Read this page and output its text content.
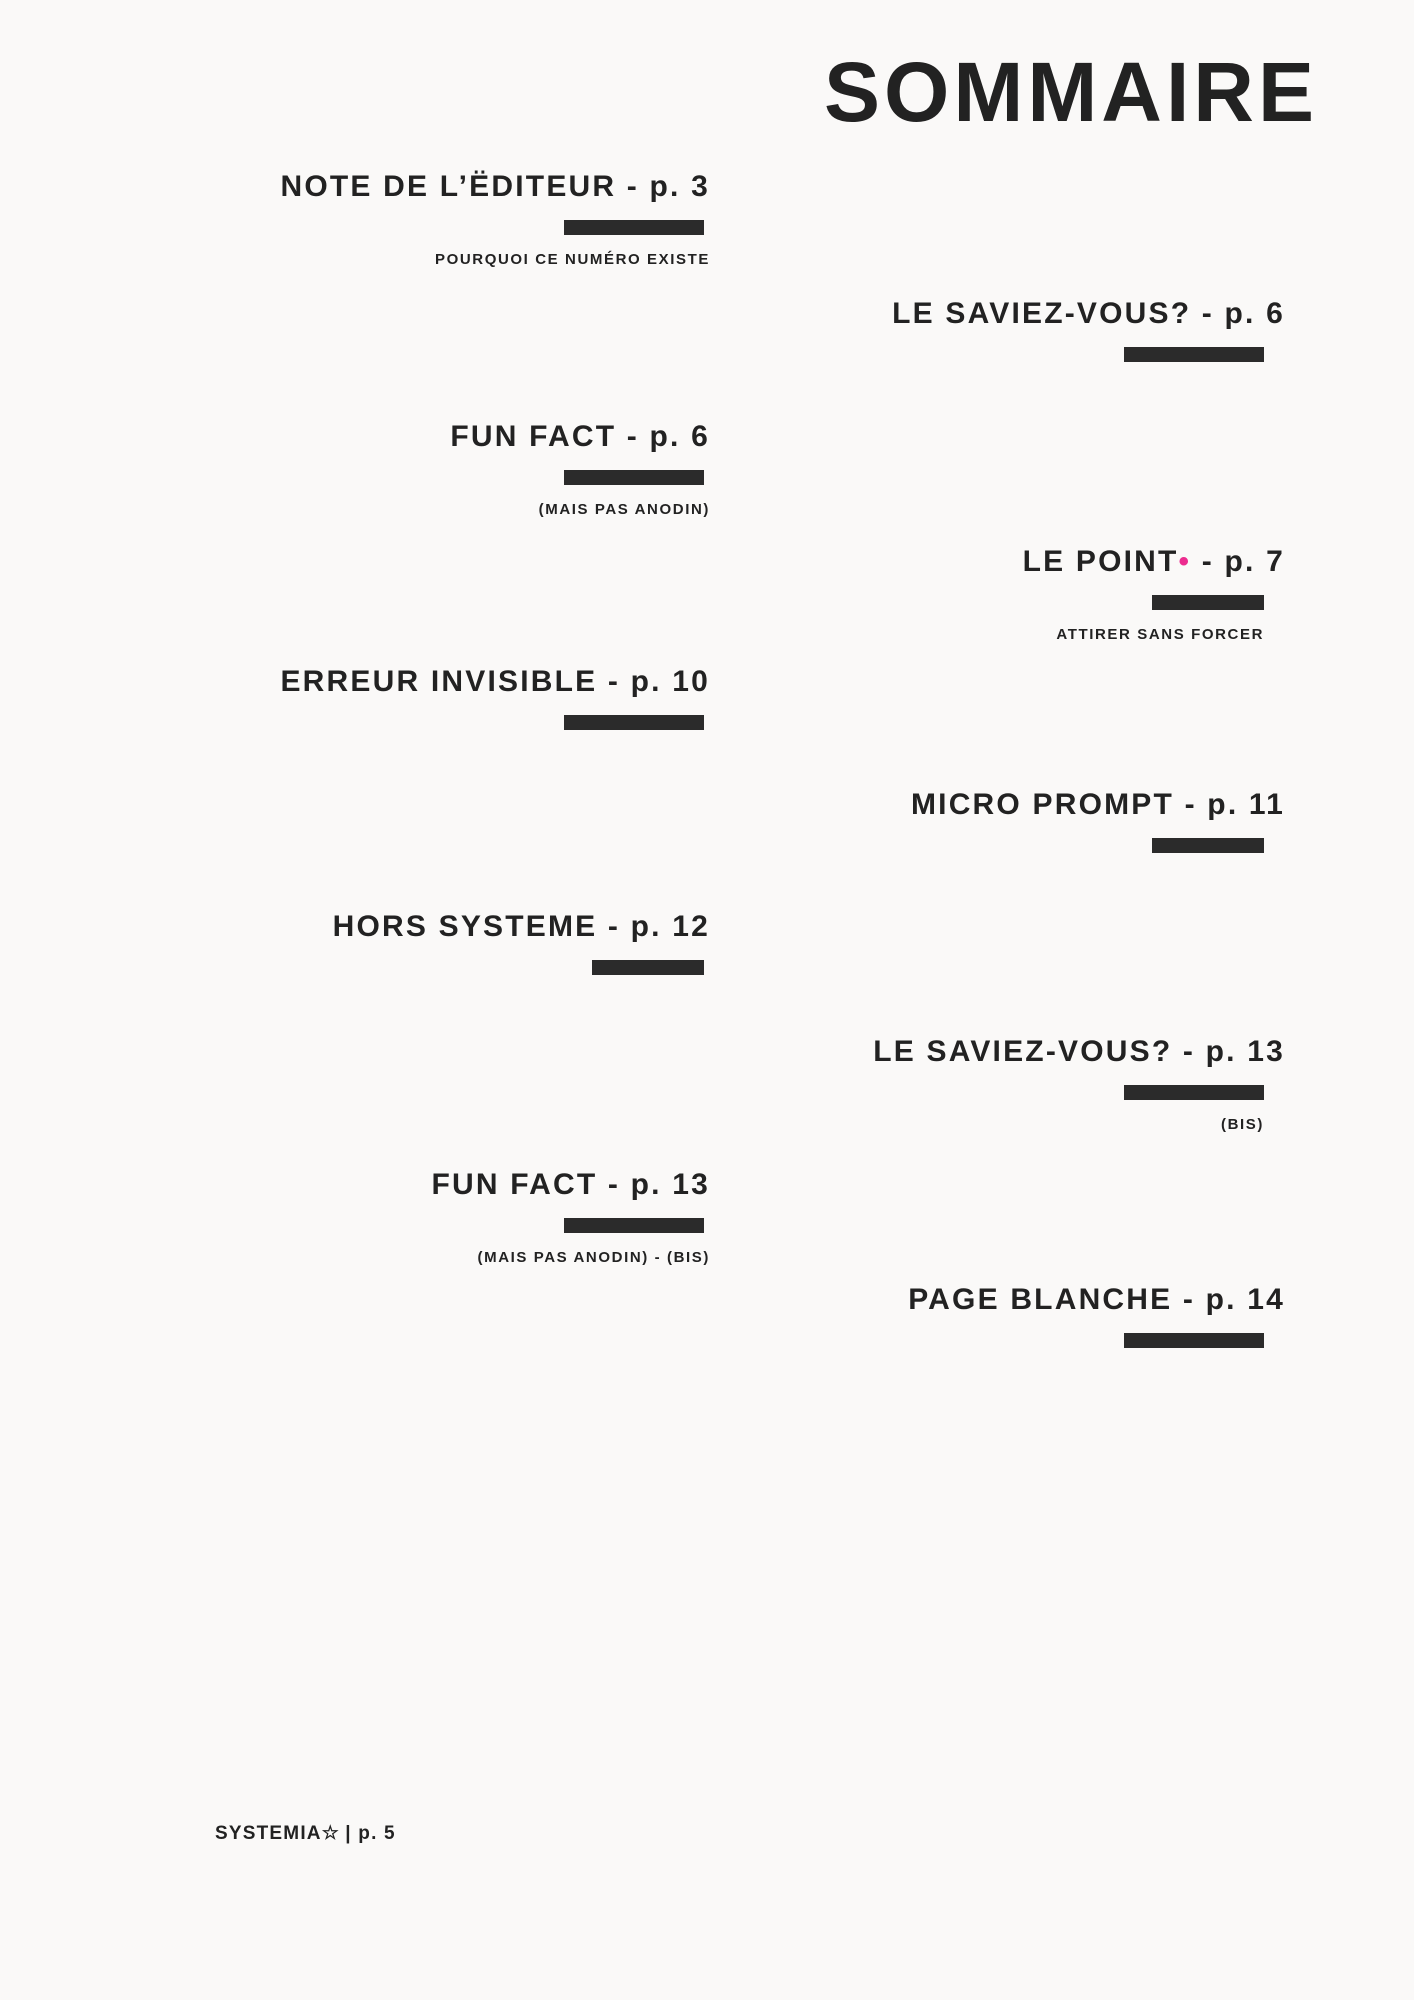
SOMMAIRE
NOTE DE L’ËDITEUR - p. 3
POURQUOI CE NUMÉRO EXISTE
LE SAVIEZ-VOUS? - p. 6
FUN FACT - p. 6
(MAIS PAS ANODIN)
LE POINT• - p. 7
ATTIRER SANS FORCER
ERREUR INVISIBLE - p. 10
MICRO PROMPT - p. 11
HORS SYSTEME - p. 12
LE SAVIEZ-VOUS? - p. 13
(BIS)
FUN FACT - p. 13
(MAIS PAS ANODIN) - (BIS)
PAGE BLANCHE - p. 14
SYSTEMIA☆ | p. 5
